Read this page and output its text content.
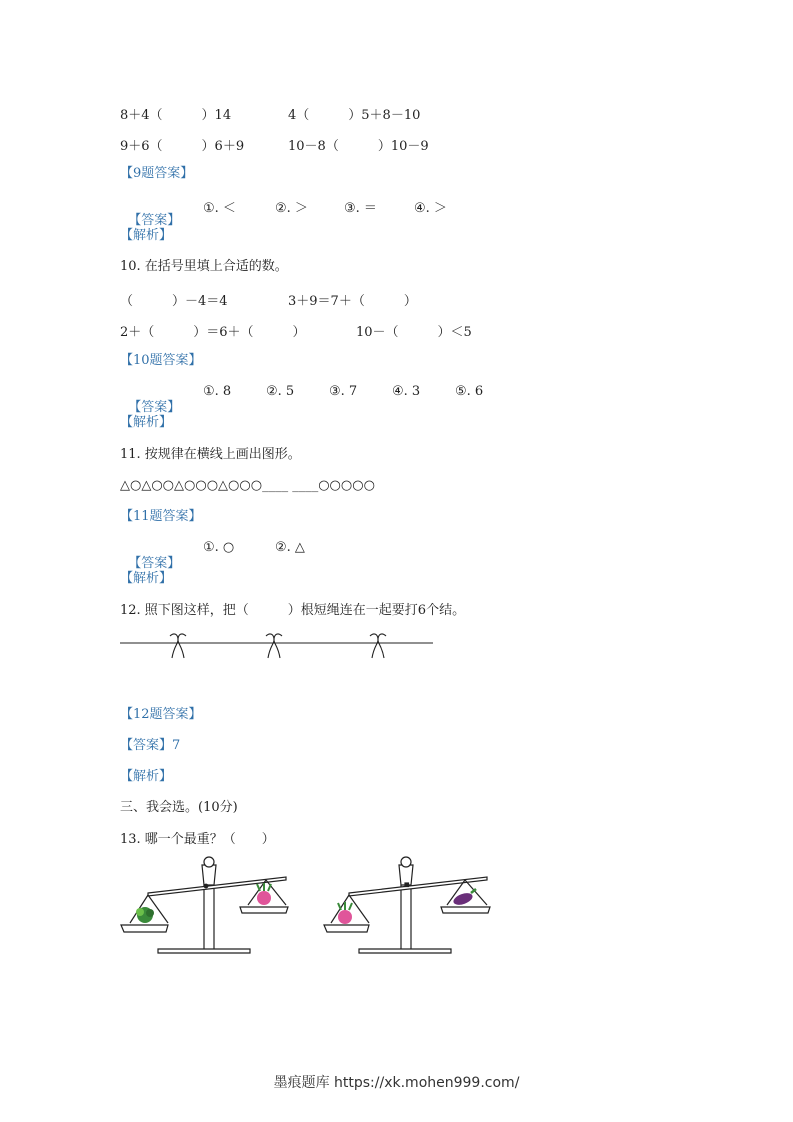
8＋4（　　　）14	4（　　　）5＋8－10
9＋6（　　　）6＋9	10－8（　　　）10－9
【9题答案】

【答案】

①. ＜	②. ＞	③. ＝	④. ＞
【解析】
10. 在括号里填上合适的数。
（　　　）－4＝4	3＋9＝7＋（　　　）
2＋（　　　）＝6＋（　　　）	10－（　　　）＜5
【10题答案】

【答案】

①. 8	②. 5	③. 7	④. 3	⑤. 6
【解析】
11. 按规律在横线上画出图形。
△○△○○△○○○△○○○____ ____○○○○○
【11题答案】

【答案】

①. ○	②. △
【解析】
12. 照下图这样，把（　　　）根短绳连在一起要打6个结。
【12题答案】
【答案】7
【解析】
三、我会选。(10分)
13. 哪一个最重？（　　）
墨痕题库 https://xk.mohen999.com/
